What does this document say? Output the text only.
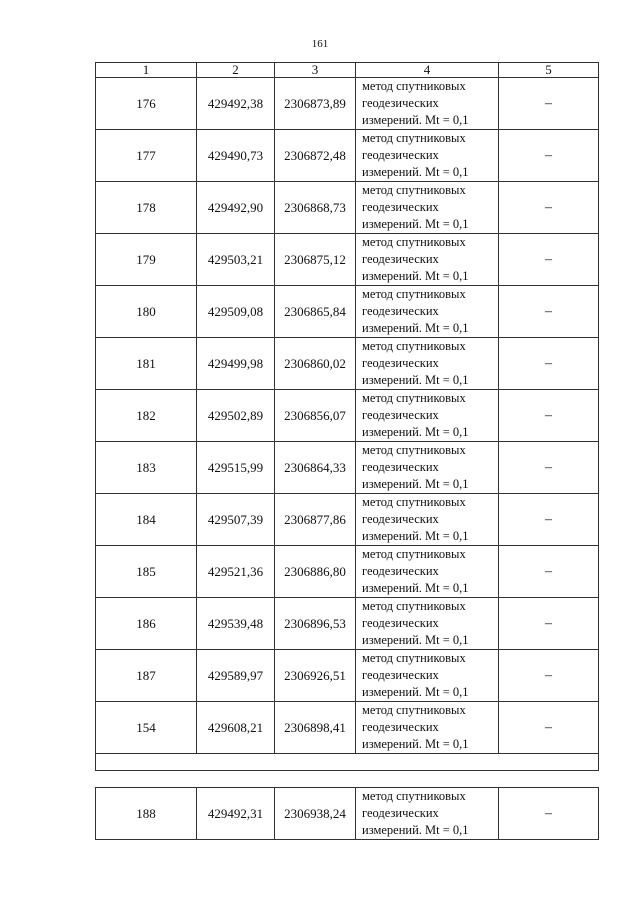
161
1	2	3	4	5
176	429492,38	2306873,89	метод спутниковых
геодезических
измерений. Mt = 0,1	–
177	429490,73	2306872,48	метод спутниковых
геодезических
измерений. Mt = 0,1	–
178	429492,90	2306868,73	метод спутниковых
геодезических
измерений. Mt = 0,1	–
179	429503,21	2306875,12	метод спутниковых
геодезических
измерений. Mt = 0,1	–
180	429509,08	2306865,84	метод спутниковых
геодезических
измерений. Mt = 0,1	–
181	429499,98	2306860,02	метод спутниковых
геодезических
измерений. Mt = 0,1	–
182	429502,89	2306856,07	метод спутниковых
геодезических
измерений. Mt = 0,1	–
183	429515,99	2306864,33	метод спутниковых
геодезических
измерений. Mt = 0,1	–
184	429507,39	2306877,86	метод спутниковых
геодезических
измерений. Mt = 0,1	–
185	429521,36	2306886,80	метод спутниковых
геодезических
измерений. Mt = 0,1	–
186	429539,48	2306896,53	метод спутниковых
геодезических
измерений. Mt = 0,1	–
187	429589,97	2306926,51	метод спутниковых
геодезических
измерений. Mt = 0,1	–
154	429608,21	2306898,41	метод спутниковых
геодезических
измерений. Mt = 0,1	–

188	429492,31	2306938,24	метод спутниковых
геодезических
измерений. Mt = 0,1	–
